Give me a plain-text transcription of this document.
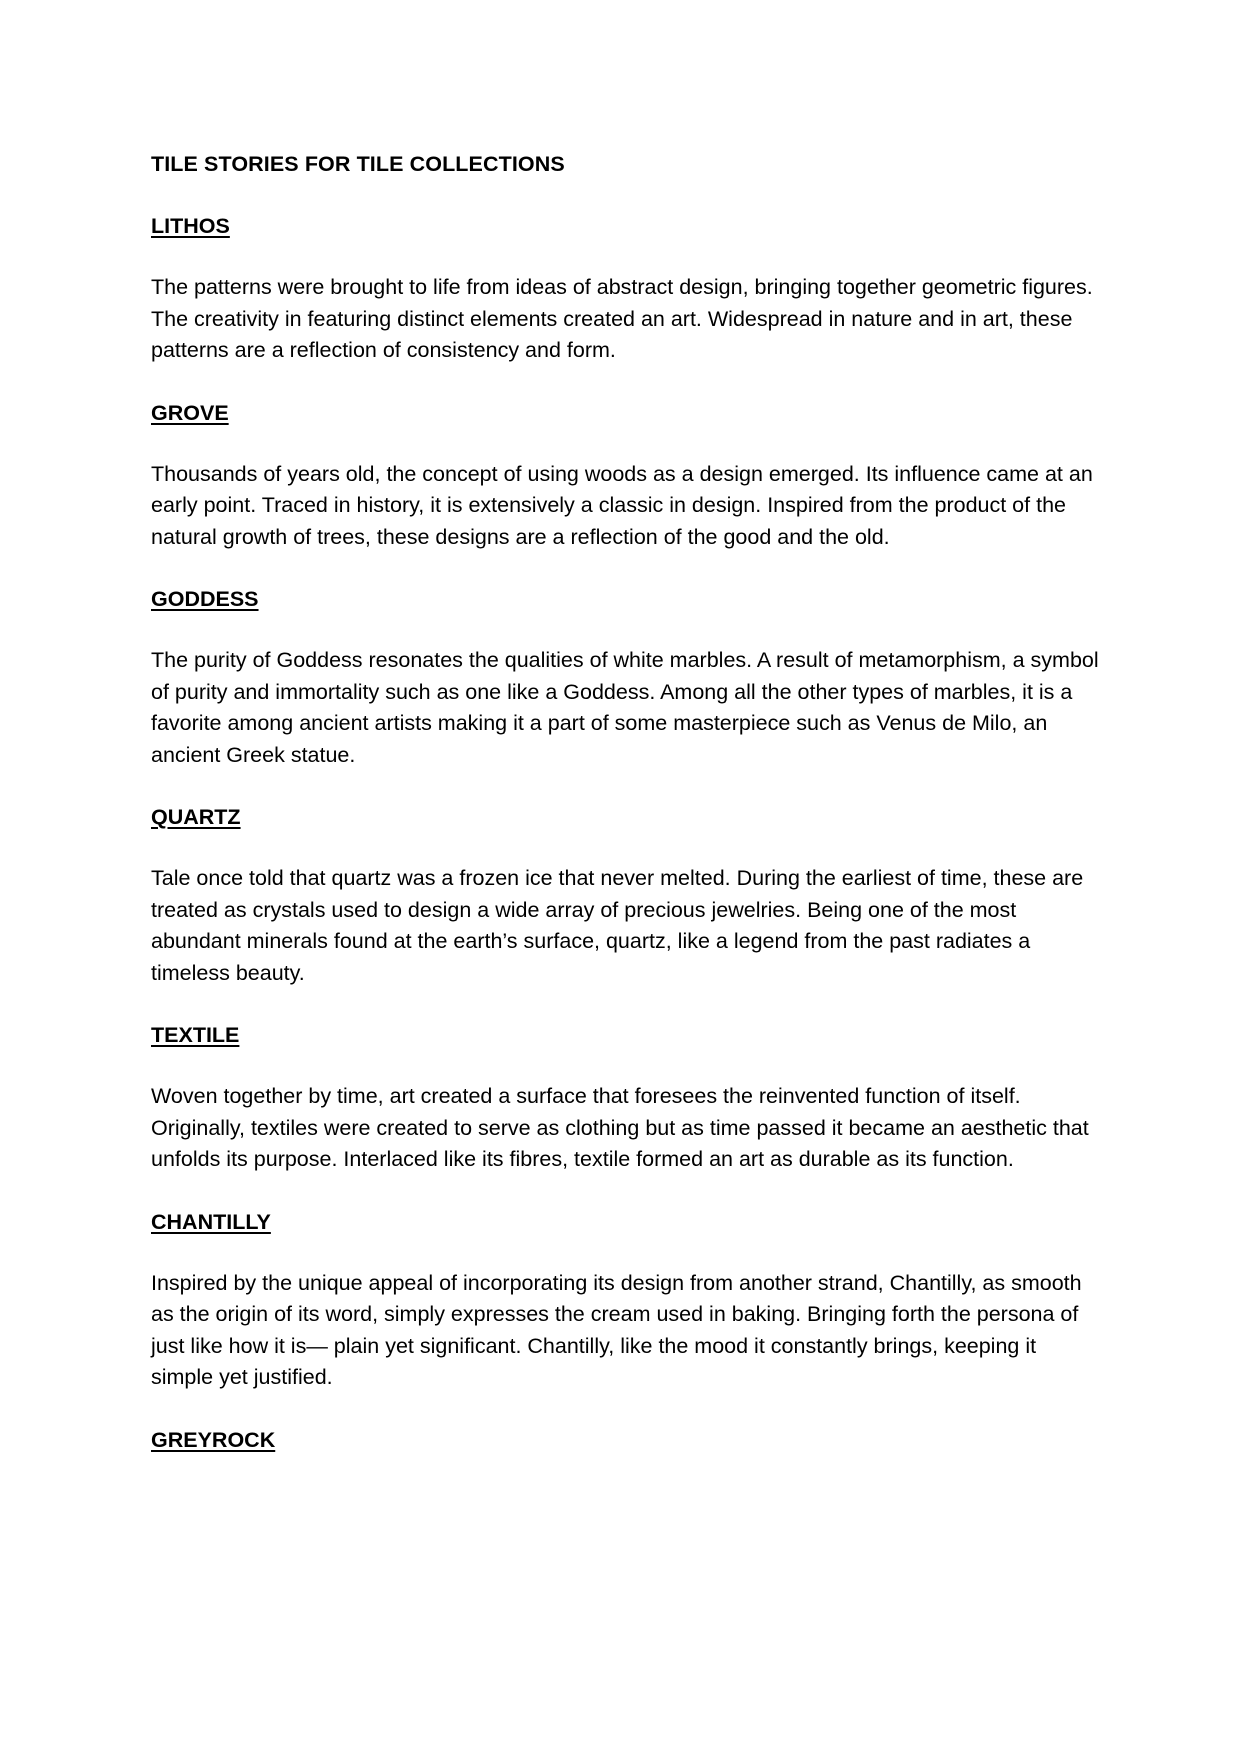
TILE STORIES FOR TILE COLLECTIONS
LITHOS
The patterns were brought to life from ideas of abstract design, bringing together geometric figures. The creativity in featuring distinct elements created an art. Widespread in nature and in art, these patterns are a reflection of consistency and form.
GROVE
Thousands of years old, the concept of using woods as a design emerged. Its influence came at an early point. Traced in history, it is extensively a classic in design. Inspired from the product of the natural growth of trees, these designs are a reflection of the good and the old.
GODDESS
The purity of Goddess resonates the qualities of white marbles. A result of metamorphism, a symbol of purity and immortality such as one like a Goddess. Among all the other types of marbles, it is a favorite among ancient artists making it a part of some masterpiece such as Venus de Milo, an ancient Greek statue.
QUARTZ
Tale once told that quartz was a frozen ice that never melted. During the earliest of time, these are treated as crystals used to design a wide array of precious jewelries. Being one of the most abundant minerals found at the earth’s surface, quartz, like a legend from the past radiates a timeless beauty.
TEXTILE
Woven together by time, art created a surface that foresees the reinvented function of itself. Originally, textiles were created to serve as clothing but as time passed it became an aesthetic that unfolds its purpose. Interlaced like its fibres, textile formed an art as durable as its function.
CHANTILLY
Inspired by the unique appeal of incorporating its design from another strand, Chantilly, as smooth as the origin of its word, simply expresses the cream used in baking. Bringing forth the persona of just like how it is— plain yet significant. Chantilly, like the mood it constantly brings, keeping it simple yet justified.
GREYROCK
